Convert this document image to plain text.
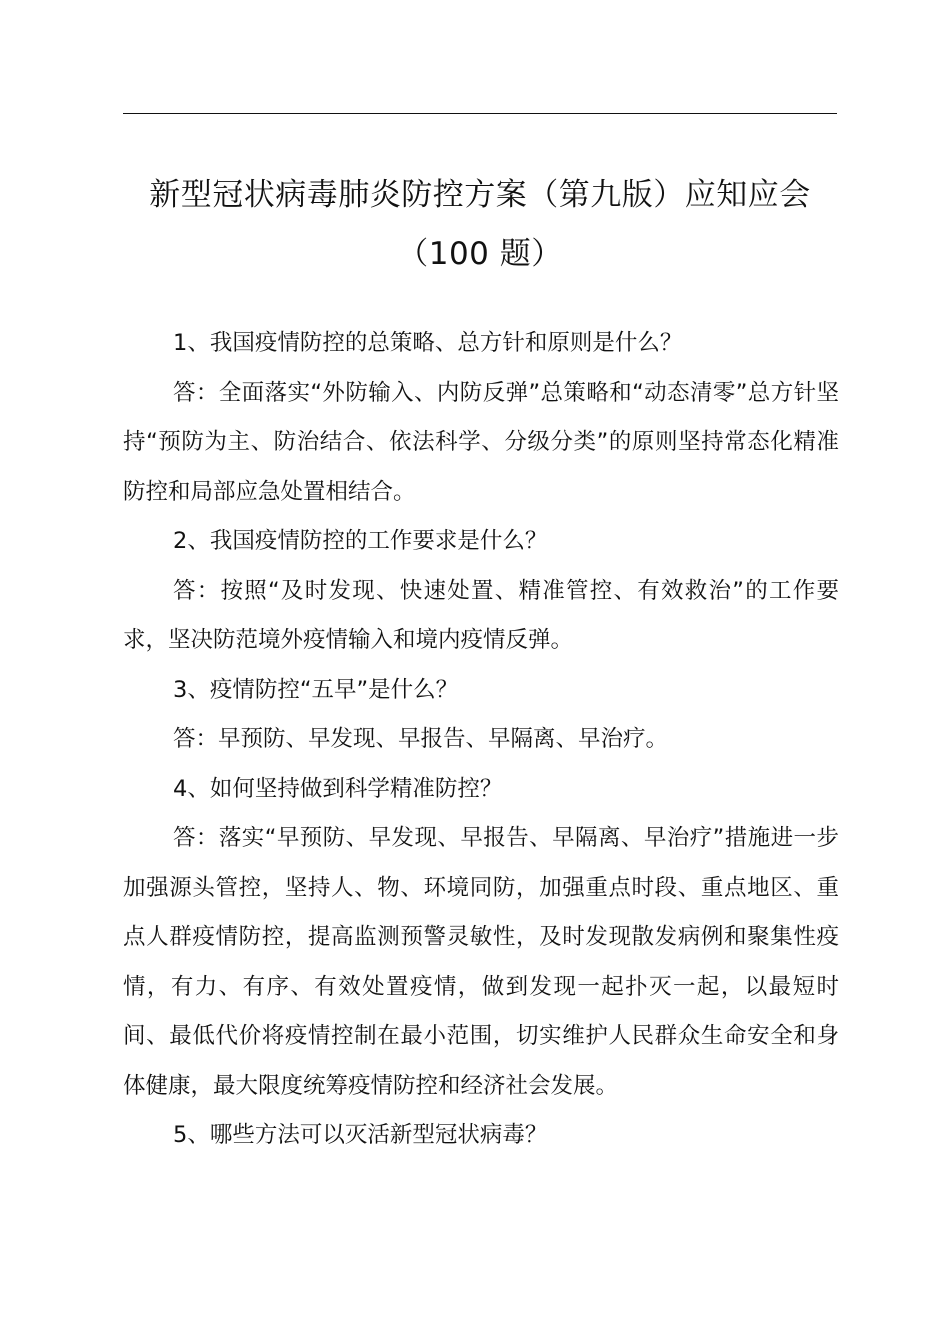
新型冠状病毒肺炎防控方案（第九版）应知应会（100 题）

1、我国疫情防控的总策略、总方针和原则是什么？

答：全面落实“外防输入、内防反弹”总策略和“动态清零”总方针坚持“预防为主、防治结合、依法科学、分级分类”的原则坚持常态化精准防控和局部应急处置相结合。

2、我国疫情防控的工作要求是什么？

答：按照“及时发现、快速处置、精准管控、有效救治”的工作要求，坚决防范境外疫情输入和境内疫情反弹。

3、疫情防控“五早”是什么？

答：早预防、早发现、早报告、早隔离、早治疗。

4、如何坚持做到科学精准防控？

答：落实“早预防、早发现、早报告、早隔离、早治疗”措施进一步加强源头管控，坚持人、物、环境同防，加强重点时段、重点地区、重点人群疫情防控，提高监测预警灵敏性，及时发现散发病例和聚集性疫情，有力、有序、有效处置疫情，做到发现一起扑灭一起，以最短时间、最低代价将疫情控制在最小范围，切实维护人民群众生命安全和身体健康，最大限度统筹疫情防控和经济社会发展。

5、哪些方法可以灭活新型冠状病毒？
